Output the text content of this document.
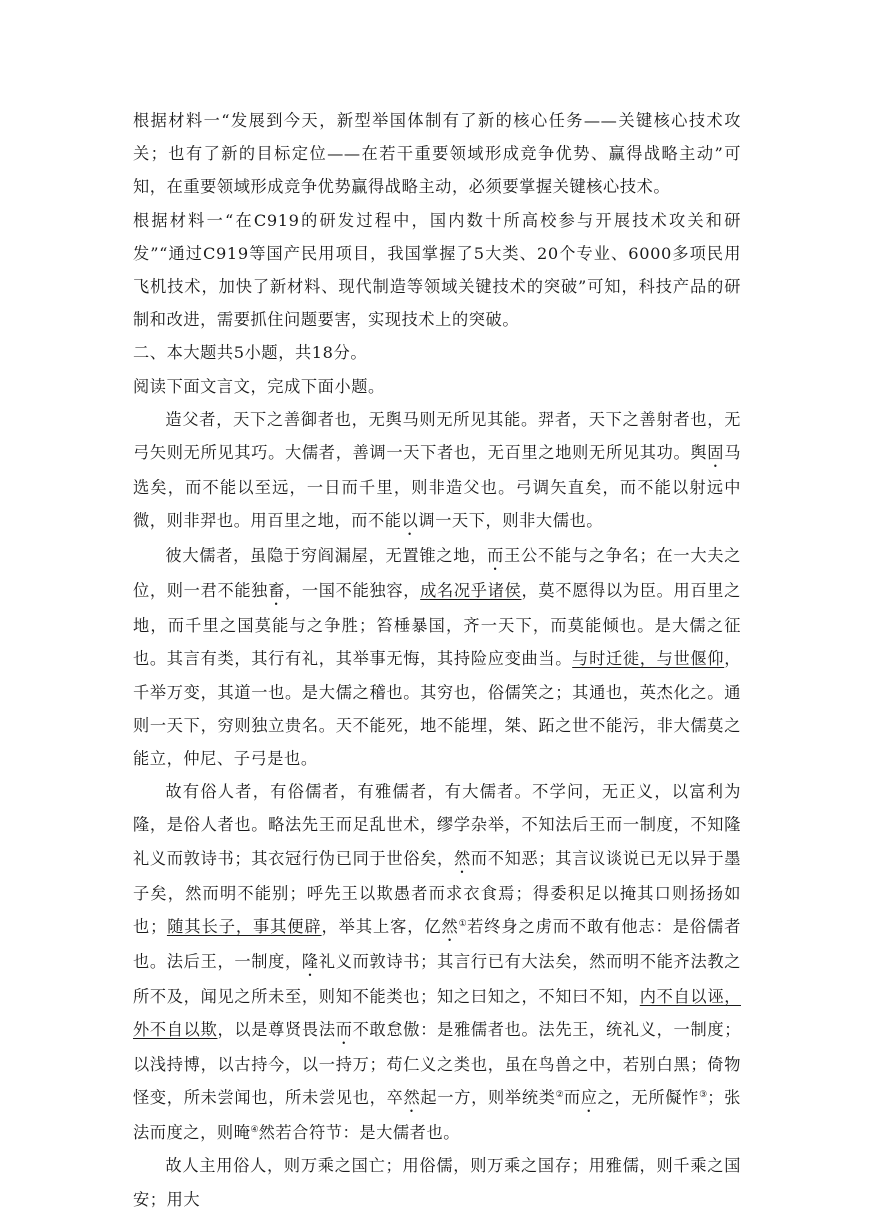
根据材料一“发展到今天，新型举国体制有了新的核心任务——关键核心技术攻关；也有了新的目标定位——在若干重要领域形成竞争优势、赢得战略主动”可知，在重要领域形成竞争优势赢得战略主动，必须要掌握关键核心技术。

根据材料一“在C919的研发过程中，国内数十所高校参与开展技术攻关和研发”“通过C919等国产民用项目，我国掌握了5大类、20个专业、6000多项民用飞机技术，加快了新材料、现代制造等领域关键技术的突破”可知，科技产品的研制和改进，需要抓住问题要害，实现技术上的突破。

二、本大题共5小题，共18分。

阅读下面文言文，完成下面小题。

造父者，天下之善御者也，无舆马则无所见其能。羿者，天下之善射者也，无弓矢则无所见其巧。大儒者，善调一天下者也，无百里之地则无所见其功。舆固马选矣，而不能以至远，一日而千里，则非造父也。弓调矢直矣，而不能以射远中微，则非羿也。用百里之地，而不能以调一天下，则非大儒也。

彼大儒者，虽隐于穷阎漏屋，无置锥之地，而王公不能与之争名；在一大夫之位，则一君不能独畜，一国不能独容，成名况乎诸侯，莫不愿得以为臣。用百里之地，而千里之国莫能与之争胜；笞棰暴国，齐一天下，而莫能倾也。是大儒之征也。其言有类，其行有礼，其举事无悔，其持险应变曲当。与时迁徙，与世偃仰，千举万变，其道一也。是大儒之稽也。其穷也，俗儒笑之；其通也，英杰化之。通则一天下，穷则独立贵名。天不能死，地不能埋，桀、跖之世不能污，非大儒莫之能立，仲尼、子弓是也。

故有俗人者，有俗儒者，有雅儒者，有大儒者。不学问，无正义，以富利为隆，是俗人者也。略法先王而足乱世术，缪学杂举，不知法后王而一制度，不知隆礼义而敦诗书；其衣冠行伪已同于世俗矣，然而不知恶；其言议谈说已无以异于墨子矣，然而明不能别；呼先王以欺愚者而求衣食焉；得委积足以掩其口则扬扬如也；随其长子，事其便辟，举其上客，亿然①若终身之虏而不敢有他志：是俗儒者也。法后王，一制度，隆礼义而敦诗书；其言行已有大法矣，然而明不能齐法教之所不及，闻见之所未至，则知不能类也；知之曰知之，不知曰不知，内不自以诬，外不自以欺，以是尊贤畏法而不敢怠傲：是雅儒者也。法先王，统礼义，一制度；以浅持博，以古持今，以一持万；苟仁义之类也，虽在鸟兽之中，若别白黑；倚物怪变，所未尝闻也，所未尝见也，卒然起一方，则举统类②而应之，无所儗怍③；张法而度之，则晻④然若合符节：是大儒者也。

故人主用俗人，则万乘之国亡；用俗儒，则万乘之国存；用雅儒，则千乘之国安；用大
